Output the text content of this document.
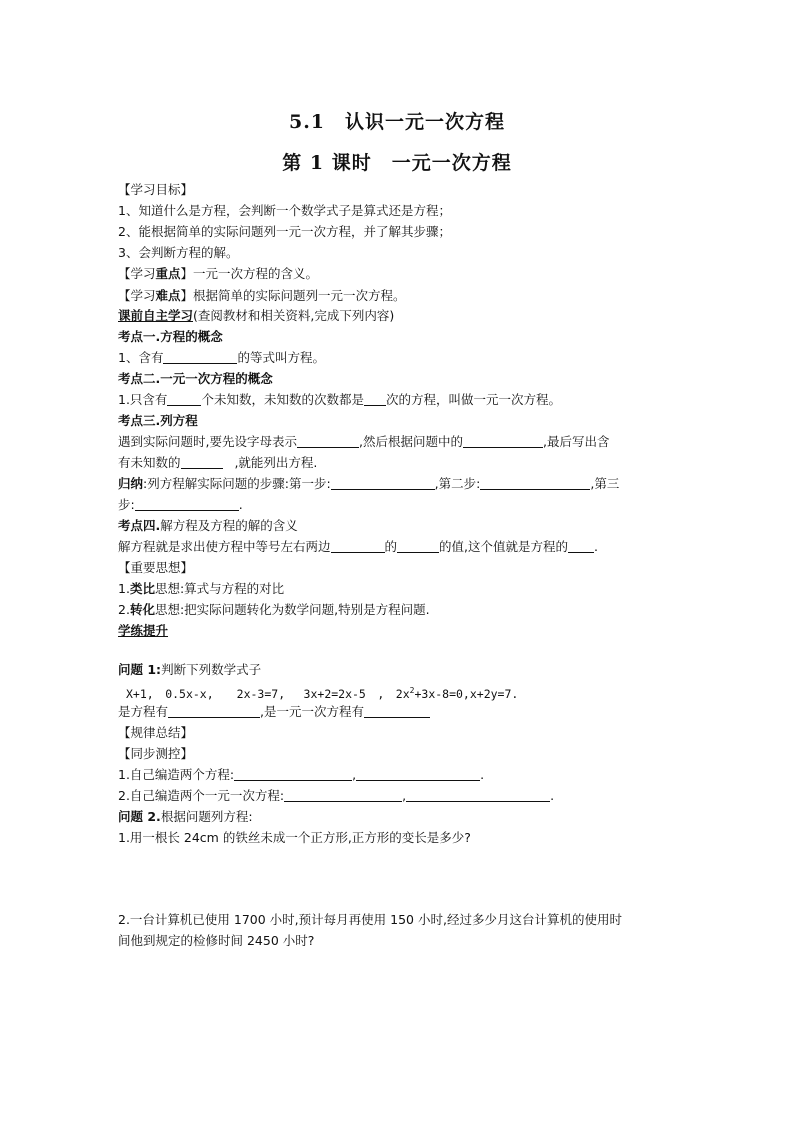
5.1　认识一元一次方程
第 1 课时　一元一次方程
【学习目标】
1、知道什么是方程，会判断一个数学式子是算式还是方程；
2、能根据简单的实际问题列一元一次方程，并了解其步骤；
3、会判断方程的解。
【学习重点】一元一次方程的含义。
【学习难点】根据简单的实际问题列一元一次方程。
课前自主学习(查阅教材和相关资料,完成下列内容)
考点一.方程的概念
1、含有	的等式叫方程。
考点二.一元一次方程的概念
1.只含有	个未知数，未知数的次数都是 次的方程，叫做一元一次方程。
考点三.列方程
遇到实际问题时,要先设字母表示	,然后根据问题中的	,最后写出含
有未知数的	,就能列出方程.
归纳:列方程解实际问题的步骤:第一步:	,第二步:	,第三
步:	.
考点四.解方程及方程的解的含义
解方程就是求出使方程中等号左右两边	的	的值,这个值就是方程的 .
【重要思想】
1.类比思想:算式与方程的对比
2.转化思想:把实际问题转化为数学问题,特别是方程问题.
学练提升
问题 1:判断下列数学式子
X+1,　0.5x-x,　　2x-3=7,　 3x+2=2x-5　,　$2x^2+3x-8=0,x+2y=7$.
是方程有	,是一元一次方程有
【规律总结】
【同步测控】
1.自己编造两个方程:	,	.
2.自己编造两个一元一次方程:	,	.
问题 2.根据问题列方程:
1.用一根长 24cm 的铁丝未成一个正方形,正方形的变长是多少?
2.一台计算机已使用 1700 小时,预计每月再使用 150 小时,经过多少月这台计算机的使用时
间他到规定的检修时间 2450 小时?
